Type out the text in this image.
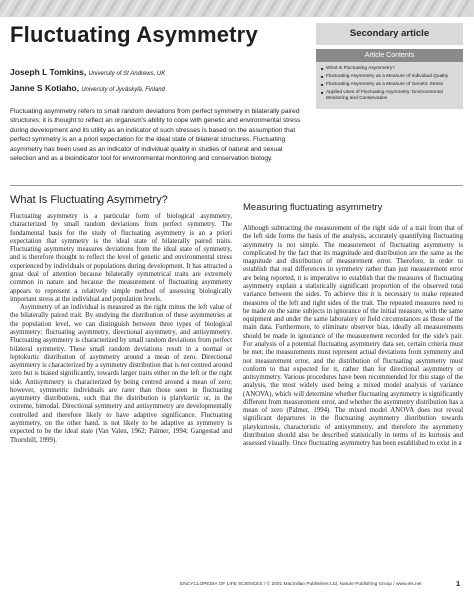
Fluctuating Asymmetry
Joseph L Tomkins, University of St Andrews, UK
Janne S Kotiaho, University of Jyväskylä, Finland
Fluctuating asymmetry refers to small random deviations from perfect symmetry in bilaterally paired structures; it is thought to reflect an organism's ability to cope with genetic and environmental stress during development and its utility as an indicator of such stresses is based on the assumption that perfect symmetry is an a priori expectation for the ideal state of bilateral structures. Fluctuating asymmetry has been used as an indicator of individual quality in studies of natural and sexual selection and as a bioindicator tool for environmental monitoring and conservation biology.
Secondary article
Article Contents
■ What Is Fluctuating Asymmetry?
■ Fluctuating Asymmetry as a Measure of Individual Quality
■ Fluctuating Asymmetry as a Measure of Genetic Stress
■ Applied Uses of Fluctuating Asymmetry: Environmental Monitoring and Conservation
What Is Fluctuating Asymmetry?

Fluctuating asymmetry is a particular form of biological asymmetry, characterized by small random deviations from perfect symmetry. The fundamental basis for the study of fluctuating asymmetry is an a priori expectation that symmetry is the ideal state of bilaterally paired traits. Fluctuating asymmetry measures deviations from the ideal state of symmetry, and is therefore thought to reflect the level of genetic and environmental stress experienced by individuals or populations during development. It has attracted a great deal of attention because bilaterally symmetrical traits are extremely common in nature and because the measurement of fluctuating asymmetry appears to represent a relatively simple method of assessing biologically important stress at the individual and population levels.

Asymmetry of an individual is measured as the right minus the left value of the bilaterally paired trait. By studying the distribution of these asymmetries at the population level, we can distinguish between three types of biological asymmetry: fluctuating asymmetry, directional asymmetry, and antisymmetry. Fluctuating asymmetry is characterized by small random deviations from perfect bilateral symmetry. These small random deviations result in a normal or leptokurtic distribution of asymmetry around a mean of zero. Directional asymmetry is characterized by a symmetry distribution that is not centred around zero but is biased significantly, towards larger traits either on the left or the right side. Antisymmetry is characterized by being centred around a mean of zero; however, symmetric individuals are rarer than those seen in fluctuating asymmetry distributions, such that the distribution is platykurtic or, in the extreme, bimodal. Directional symmetry and antisymmetry are developmentally controlled and therefore likely to have adaptive significance. Fluctuating asymmetry, on the other hand, is not likely to be adaptive as symmetry is expected to be the ideal state (Van Valen, 1962; Palmer, 1994; Gangestad and Thornhill, 1999).

Measuring fluctuating asymmetry

Although subtracting the measurement of the right side of a trait from that of the left side forms the basis of the analysis, accurately quantifying fluctuating asymmetry is not simple. The measurement of fluctuating asymmetry is complicated by the fact that its magnitude and distribution are the same as the magnitude and distribution of measurement error. Therefore, in order to establish that real differences in symmetry rather than just measurement error are being reported, it is imperative to establish that the measures of fluctuating asymmetry explain a statistically significant proportion of the observed total variance between the sides. To achieve this it is necessary to make repeated measures of the left and right sides of the trait. The repeated measures need to be made on the same subjects in ignorance of the initial measure, with the same equipment and under the same laboratory or field circumstances as those of the main data. Furthermore, to eliminate observer bias, ideally all measurements should be made in ignorance of the measurement recorded for the side's pair. For analysis of a potential fluctuating asymmetry data set, certain criteria must be met: the measurements must represent actual deviations from symmetry and not measurement error, and the distribution of fluctuating asymmetry must conform to that expected for it, rather than for directional asymmetry or antisymmetry. Various procedures have been recommended for this stage of the analysis, the most widely used being a mixed model analysis of variance (ANOVA), which will determine whether fluctuating asymmetry is significantly different from measurement error, and whether the asymmetry distribution has a mean of zero (Palmer, 1994). The mixed model ANOVA does not reveal significant departures in the fluctuating asymmetry distribution towards platykurtosis, characteristic of antisymmetry, and therefore the asymmetry distribution should also be described statistically in terms of its kurtosis and assessed visually. Once fluctuating asymmetry has been established to exist in a

ENCYCLOPEDIA OF LIFE SCIENCES / © 2001 Macmillan Publishers Ltd, Nature Publishing Group / www.els.net	1
